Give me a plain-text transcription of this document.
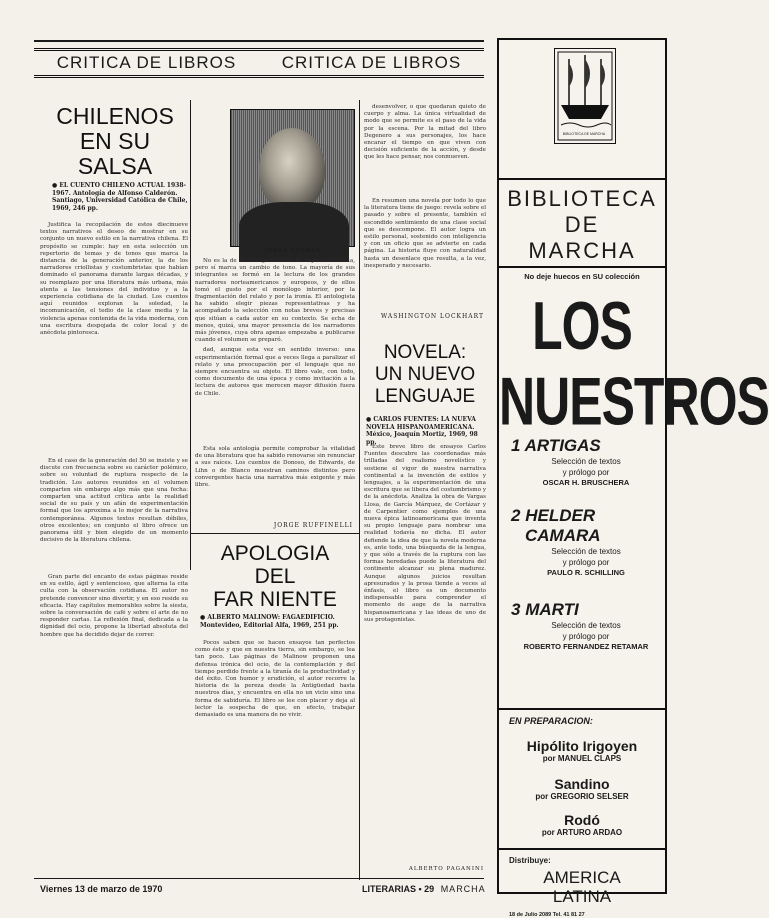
CRITICA DE LIBROS	CRITICA DE LIBROS
CHILENOS
EN SU
SALSA
● EL CUENTO CHILENO ACTUAL 1938-1967. Antología de Alfonso Calderón. Santiago, Universidad Católica de Chile, 1969, 246 pp.

Justifica la recopilación de estos diecinueve textos narrativos el deseo de mostrar en su conjunto un nuevo estilo en la narrativa chilena. El propósito se cumple: hay en esta selección un repertorio de temas y de tonos que marca la distancia de la generación anterior, la de los narradores criollistas y costumbristas que habían dominado el panorama durante largas décadas, y su reemplazo por una literatura más urbana, más atenta a las tensiones del individuo y a la experiencia cotidiana de la ciudad. Los cuentos aquí reunidos exploran la soledad, la incomunicación, el tedio de la clase media y la violencia apenas contenida de la vida moderna, con una escritura despojada de color local y de anécdota pintoresca.

En el caso de la generación del 50 se insiste y se discute con frecuencia sobre su carácter polémico, sobre su voluntad de ruptura respecto de la tradición. Los autores reunidos en el volumen comparten sin embargo algo más que una fecha: comparten una actitud crítica ante la realidad social de su país y un afán de experimentación formal que los aproxima a lo mejor de la narrativa contemporánea. Algunos textos resultan débiles, otros excelentes; en conjunto el libro ofrece un panorama útil y bien elegido de un momento decisivo de la literatura chilena.

JORGE GUZMAN

No es la de 50 una generación de ruptura absoluta, pero sí marca un cambio de tono. La mayoría de sus integrantes se formó en la lectura de los grandes narradores norteamericanos y europeos, y de ellos tomó el gusto por el monólogo interior, por la fragmentación del relato y por la ironía. El antologista ha sabido elegir piezas representativas y ha acompañado la selección con notas breves y precisas que sitúan a cada autor en su contexto. Se echa de menos, quizá, una mayor presencia de los narradores más jóvenes, cuya obra apenas empezaba a publicarse cuando el volumen se preparó.

dad, aunque esta vez en sentido inverso: una experimentación formal que a veces llega a paralizar el relato y una preocupación por el lenguaje que no siempre encuentra su objeto. El libro vale, con todo, como documento de una época y como invitación a la lectura de autores que merecen mayor difusión fuera de Chile.

Esta sola antología permite comprobar la vitalidad de una literatura que ha sabido renovarse sin renunciar a sus raíces. Los cuentos de Donoso, de Edwards, de Lihn o de Blanco muestran caminos distintos pero convergentes hacia una narrativa más exigente y más libre.

JORGE RUFFINELLI

Gran parte del encanto de estas páginas reside en su estilo, ágil y sentencioso, que alterna la cita culta con la observación cotidiana. El autor no pretende convencer sino divertir, y en eso reside su eficacia. Hay capítulos memorables sobre la siesta, sobre la conversación de café y sobre el arte de no responder cartas. La reflexión final, dedicada a la dignidad del ocio, propone la libertad absoluta del hombre que ha decidido dejar de correr.

APOLOGIA
DEL
FAR NIENTE
● ALBERTO MALINOW: FAGAEDIFICIO. Montevideo, Editorial Alfa, 1969, 251 pp.

Pocos saben que se hacen ensayos tan perfectos como éste y que en nuestra tierra, sin embargo, se lea tan poco. Las páginas de Malinow proponen una defensa irónica del ocio, de la contemplación y del tiempo perdido frente a la tiranía de la productividad y del éxito. Con humor y erudición, el autor recorre la historia de la pereza desde la Antigüedad hasta nuestros días, y encuentra en ella no un vicio sino una forma de sabiduría. El libro se lee con placer y deja al lector la sospecha de que, en efecto, trabajar demasiado es una manera de no vivir.

desenvolver, o que quedaran quieto de cuerpo y alma. La única virtualidad de modo que se permite es el paso de la vida por la escena. Por la mitad del libro Degenero a sus personajes, los hace encarar el tiempo en que viven con decisión suficiente de la acción, y desde que les hace pensar, nos conmueven.

En resumen una novela por todo lo que la literatura tiene de juego: revela sobre el pasado y sobre el presente, también el escondido sentimiento de una clase social que se descompone. El autor logra un estilo personal, sostenido con inteligencia y con un oficio que se advierte en cada página. La historia fluye con naturalidad hasta un desenlace que resulta, a la vez, inesperado y necesario.

WASHINGTON LOCKHART
NOVELA:
UN NUEVO
LENGUAJE
● CARLOS FUENTES: LA NUEVA NOVELA HISPANOAMERICANA. México, Joaquín Mortiz, 1969, 98 pp.

Este breve libro de ensayos Carlos Fuentes descubre las coordenadas más trilladas del realismo novelístico y sostiene el vigor de nuestra narrativa continental a la invención de estilos y lenguajes, a la experimentación de una escritura que se libera del costumbrismo y de la anécdota. Analiza la obra de Vargas Llosa, de García Márquez, de Cortázar y de Carpentier como ejemplos de una nueva épica latinoamericana que inventa su propio lenguaje para nombrar una realidad todavía no dicha. El autor defiende la idea de que la novela moderna es, ante todo, una búsqueda de la lengua, y que sólo a través de la ruptura con las formas heredadas puede la literatura del continente alcanzar su plena madurez. Aunque algunos juicios resultan apresurados y la prosa tiende a veces al énfasis, el libro es un documento indispensable para comprender el momento de auge de la narrativa hispanoamericana y las ideas de uno de sus protagonistas.

ALBERTO PAGANINI
Viernes 13 de marzo de 1970	LITERARIAS • 29 MARCHA
BIBLIOTECA DE MARCHA
BIBLIOTECA
DE
MARCHA
No deje huecos en SU colección
LOS
NUESTROS
1 ARTIGAS
Selección de textos
y prólogo por
OSCAR H. BRUSCHERA
2 HELDER
CAMARA
Selección de textos
y prólogo por
PAULO R. SCHILLING
3 MARTI
Selección de textos
y prólogo por
ROBERTO FERNANDEZ RETAMAR
EN PREPARACION:
Hipólito Irigoyen
por MANUEL CLAPS
Sandino
por GREGORIO SELSER
Rodó
por ARTURO ARDAO
Distribuye:
AMERICA
LATINA
18 de Julio 2089 Tel. 41 81 27
